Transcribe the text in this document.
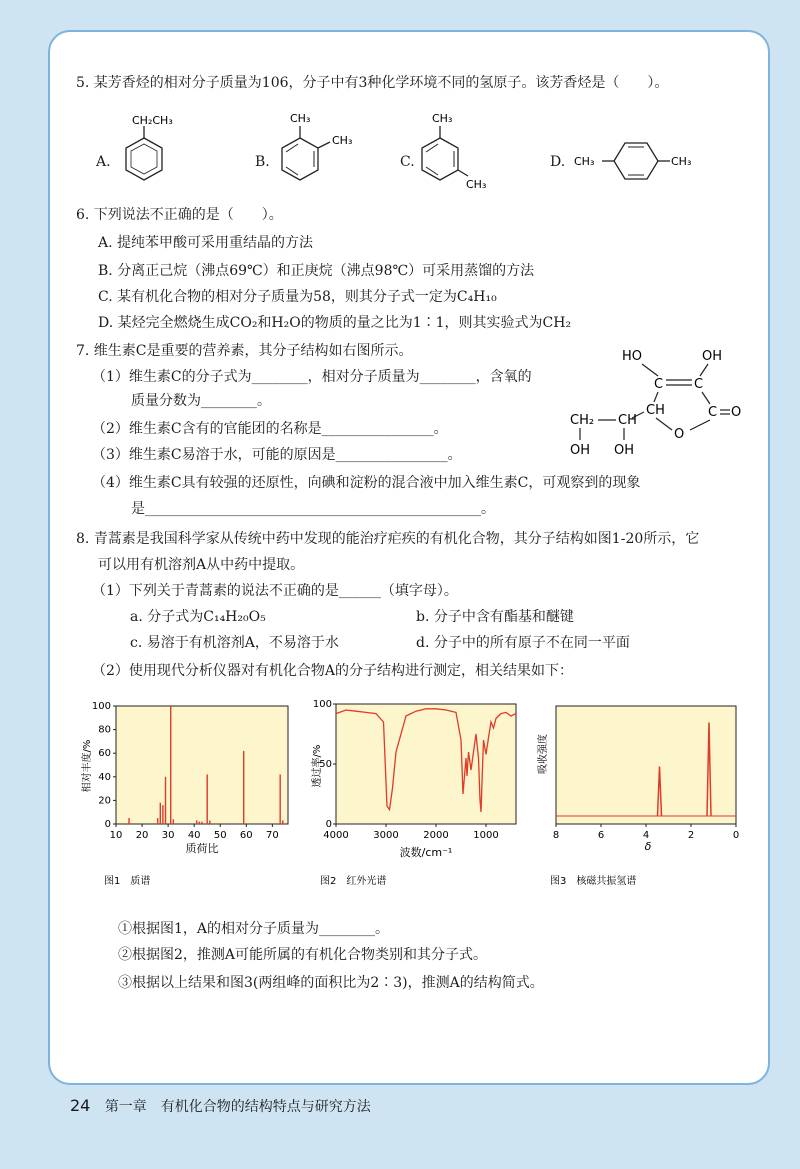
5. 某芳香烃的相对分子质量为106，分子中有3种化学环境不同的氢原子。该芳香烃是（　　）。
A.
CH₂CH₃
B.
CH₃
CH₃
C.
CH₃
CH₃
D. CH₃	CH₃
6. 下列说法不正确的是（　　）。
A. 提纯苯甲酸可采用重结晶的方法
B. 分离正己烷（沸点69℃）和正庚烷（沸点98℃）可采用蒸馏的方法
C. 某有机化合物的相对分子质量为58，则其分子式一定为C₄H₁₀
D. 某烃完全燃烧生成CO₂和H₂O的物质的量之比为1∶1，则其实验式为CH₂
7. 维生素C是重要的营养素，其分子结构如右图所示。
（1）维生素C的分子式为________，相对分子质量为________，含氧的
质量分数为________。
（2）维生素C含有的官能团的名称是________________。
（3）维生素C易溶于水，可能的原因是________________。
（4）维生素C具有较强的还原性，向碘和淀粉的混合液中加入维生素C，可观察到的现象
是________________________________________________。
HO	OH
C C
CH	C O
O
CH
CH₂
OH OH
8. 青蒿素是我国科学家从传统中药中发现的能治疗疟疾的有机化合物，其分子结构如图1-20所示，它
可以用有机溶剂A从中药中提取。
（1）下列关于青蒿素的说法不正确的是______（填字母）。
a. 分子式为C₁₄H₂₀O₅	b. 分子中含有酯基和醚键
c. 易溶于有机溶剂A，不易溶于水	d. 分子中的所有原子不在同一平面
（2）使用现代分析仪器对有机化合物A的分子结构进行测定，相关结果如下：
0
20
40
60
80
100
10 20 30 40 50 60 70
相对丰度/%
质荷比
图1　质谱
0
50
100
4000 3000 2000 1000
透过率/%
波数/cm⁻¹
图2　红外光谱
8	6	4	2	0
吸收强度
δ
图3　核磁共振氢谱
①根据图1，A的相对分子质量为________。
②根据图2，推测A可能所属的有机化合物类别和其分子式。
③根据以上结果和图3(两组峰的面积比为2∶3)，推测A的结构简式。
24 第一章　有机化合物的结构特点与研究方法
